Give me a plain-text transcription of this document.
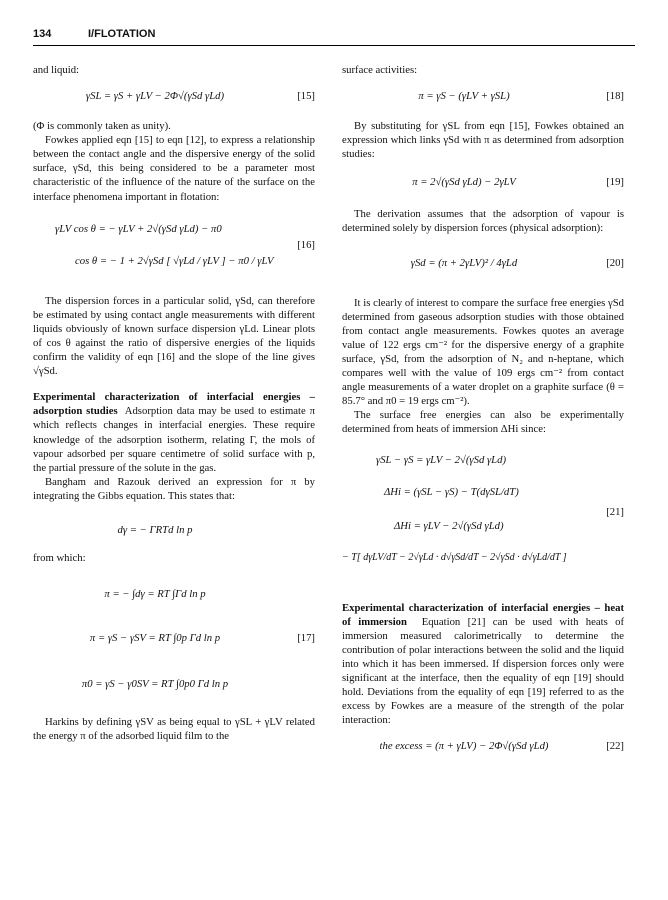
134	I/FLOTATION

and liquid:

γSL = γS + γLV − 2Φ√(γSd γLd)	[15]

(Φ is commonly taken as unity).

Fowkes applied eqn [15] to eqn [12], to express a relationship between the contact angle and the dispersive energy of the solid surface, γSd, this being considered to be a parameter most characteristic of the influence of the nature of the surface on the interface phenomena important in flotation:

γLV cos θ = − γLV + 2√(γSd γLd) − π0
cos θ = − 1 + 2√γSd [ √γLd / γLV ] − π0 / γLV
[16]

The dispersion forces in a particular solid, γSd, can therefore be estimated by using contact angle measurements with different liquids obviously of known surface dispersion γLd. Linear plots of cos θ against the ratio of dispersive energies of the liquids confirm the validity of eqn [16] and the slope of the line gives √γSd.

Experimental characterization of interfacial energies – adsorption studies Adsorption data may be used to estimate π which reflects changes in interfacial energies. These require knowledge of the adsorption isotherm, relating Γ, the mols of vapour adsorbed per square centimetre of solid surface with p, the partial pressure of the solute in the gas.

Bangham and Razouk derived an expression for π by integrating the Gibbs equation. This states that:

dγ = − ΓRTd ln p

from which:

π = − ∫dγ = RT ∫Γd ln p
π = γS − γSV = RT ∫0p Γd ln p	[17]
π0 = γS − γ0SV = RT ∫0p0 Γd ln p

Harkins by defining γSV as being equal to γSL + γLV related the energy π of the adsorbed liquid film to the

surface activities:

π = γS − (γLV + γSL)	[18]

By substituting for γSL from eqn [15], Fowkes obtained an expression which links γSd with π as determined from adsorption studies:

π = 2√(γSd γLd) − 2γLV	[19]

The derivation assumes that the adsorption of vapour is determined solely by dispersion forces (physical adsorption):

γSd = (π + 2γLV)² / 4γLd	[20]

It is clearly of interest to compare the surface free energies γSd determined from gaseous adsorption studies with those obtained from contact angle measurements. Fowkes quotes an average value of 122 ergs cm⁻² for the dispersive energy of a graphite surface, γSd, from the adsorption of N₂ and n-heptane, which compares well with the value of 109 ergs cm⁻² from contact angle measurements of a water droplet on a graphite surface (θ = 85.7° and π0 = 19 ergs cm⁻²).

The surface free energies can also be experimentally determined from heats of immersion ΔHi since:

γSL − γS = γLV − 2√(γSd γLd)
ΔHi = (γSL − γS) − T(dγSL/dT)
ΔHi = γLV − 2√(γSd γLd)
− T[ dγLV/dT − 2√γLd · d√γSd/dT − 2√γSd · d√γLd/dT ]
[21]

Experimental characterization of interfacial energies – heat of immersion Equation [21] can be used with heats of immersion measured calorimetrically to determine the contribution of polar interactions between the solid and the liquid into which it has been immersed. If dispersion forces only were significant at the interface, then the equality of eqn [19] should hold. Deviations from the equality of eqn [19] referred to as the excess by Fowkes are a measure of the strength of the polar interaction:

the excess = (π + γLV) − 2Φ√(γSd γLd)	[22]
